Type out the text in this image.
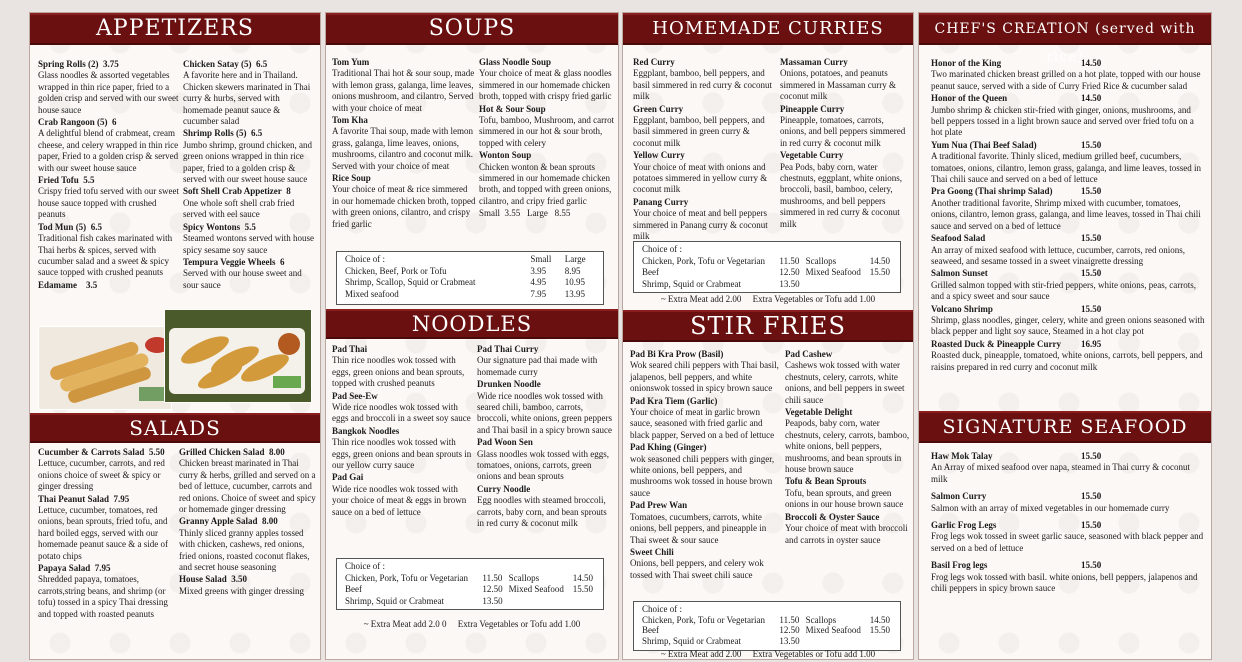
APPETIZERS
Spring Rolls (2) 3.75
Glass noodles & assorted vegetables wrapped in thin rice paper, fried to a golden crisp and served with our sweet house sauce
Crab Rangoon (5) 6
A delightful blend of crabmeat, cream cheese, and celery wrapped in thin rice paper, Fried to a golden crisp & served with our sweet house sauce
Fried Tofu 5.5
Crispy fried tofu served with our sweet house sauce topped with crushed peanuts
Tod Mun (5) 6.5
Traditional fish cakes marinated with Thai herbs & spices, served with cucumber salad and a sweet & spicy sauce topped with crushed peanuts
Edamame 3.5
Chicken Satay (5) 6.5
A favorite here and in Thailand. Chicken skewers marinated in Thai curry & hurbs, served with homemade peanut sauce & cucumber salad
Shrimp Rolls (5) 6.5
Jumbo shrimp, ground chicken, and green onions wrapped in thin rice paper, fried to a golden crisp & served with our sweet house sauce
Soft Shell Crab Appetizer 8
One whole soft shell crab fried served with eel sauce
Spicy Wontons 5.5
Steamed wontons served with house spicy sesame soy sauce
Tempura Veggie Wheels 6
Served with our house sweet and sour sauce
SALADS
Cucumber & Carrots Salad 5.50
Lettuce, cucumber, carrots, and red onions choice of sweet & spicy or ginger dressing
Thai Peanut Salad 7.95
Lettuce, cucumber, tomatoes, red onions, bean sprouts, fried tofu, and hard boiled eggs, served with our homemade peanut sauce & a side of potato chips
Papaya Salad 7.95
Shredded papaya, tomatoes, carrots,string beans, and shrimp (or tofu) tossed in a spicy Thai dressing and topped with roasted peanuts
Grilled Chicken Salad 8.00
Chicken breast marinated in Thai curry & herbs, grilled and served on a bed of lettuce, cucumber, carrots and red onions. Choice of sweet and spicy or homemade ginger dressing
Granny Apple Salad 8.00
Thinly sliced granny apples tossed with chicken, cashews, red onions, fried onions, roasted coconut flakes, and secret house seasoning
House Salad 3.50
Mixed greens with ginger dressing
SOUPS
Tom Yum
Traditional Thai hot & sour soup, made with lemon grass, galanga, lime leaves, onions mushroom, and cilantro, Served with your choice of meat
Tom Kha
A favorite Thai soup, made with lemon grass, galanga, lime leaves, onions, mushrooms, cilantro and coconut milk. Served with your choice of meat
Rice Soup
Your choice of meat & rice simmered in our homemade chicken broth, topped with green onions, cilantro, and crispy fried garlic
Glass Noodle Soup
Your choice of meat & glass noodles simmered in our homemade chicken broth, topped with crispy fried garlic
Hot & Sour Soup
Tofu, bamboo, Mushroom, and carrot simmered in our hot & sour broth, topped with celery
Wonton Soup
Chicken wonton & bean sprouts simmered in our homemade chicken broth, and topped with green onions, cilantro, and cripy fried garlic
Small  3.55   Large   8.55
Choice of :	Small	Large
Chicken, Beef, Pork or Tofu	3.95	8.95
Shrimp, Scallop, Squid or Crabmeat	4.95	10.95
Mixed seafood	7.95	13.95
NOODLES
Pad Thai
Thin rice noodles wok tossed with eggs, green onions and bean sprouts, topped with crushed peanuts
Pad See-Ew
Wide rice noodles wok tossed with eggs and broccoli in a sweet soy sauce
Bangkok Noodles
Thin rice noodles wok tossed with eggs, green onions and bean sprouts in our yellow curry sauce
Pad Gai
Wide rice noodles wok tossed with your choice of meat & eggs in brown sauce on a bed of lettuce
Pad Thai Curry
Our signature pad thai made with homemade curry
Drunken Noodle
Wide rice noodles wok tossed with seared chili, bamboo, carrots, broccoli, white onions, green peppers and Thai basil in a spicy brown sauce
Pad Woon Sen
Glass noodles wok tossed with eggs, tomatoes, onions, carrots, green onions and bean sprouts
Curry Noodle
Egg noodles with steamed broccoli, carrots, baby corn, and bean sprouts in red curry & coconut milk
Choice of :			
Chicken, Pork, Tofu or Vegetarian	11.50	Scallops	14.50
Beef	12.50	Mixed Seafood	15.50
Shrimp, Squid or Crabmeat	13.50		
~ Extra Meat add 2.0 0     Extra Vegetables or Tofu add 1.00
HOMEMADE CURRIES
Red Curry
Eggplant, bamboo, bell peppers, and basil simmered in red curry & coconut milk
Green Curry
Eggplant, bamboo, bell peppers, and basil simmered in green curry & coconut milk
Yellow Curry
Your choice of meat with onions and potatoes simmered in yellow curry & coconut milk
Panang Curry
Your choice of meat and bell peppers simmered in Panang curry & coconut milk
Massaman Curry
Onions, potatoes, and peanuts simmered in Massaman curry & coconut milk
Pineapple Curry
Pineapple, tomatoes, carrots, onions, and bell peppers simmered in red curry & coconut milk
Vegetable Curry
Pea Pods, baby corn, water chestnuts, eggplant, white onions, broccoli, basil, bamboo, celery, mushrooms, and bell peppers simmered in red curry & coconut milk
Choice of :			
Chicken, Pork, Tofu or Vegetarian	11.50	Scallops	14.50
Beef	12.50	Mixed Seafood	15.50
Shrimp, Squid or Crabmeat	13.50		
~ Extra Meat add 2.00     Extra Vegetables or Tofu add 1.00
STIR FRIES
Pad Bi Kra Prow (Basil)
Wok seared chili peppers with Thai basil, jalapenos, bell peppers, and white onionswok tossed in spicy brown sauce
Pad Kra Tiem (Garlic)
Your choice of meat in garlic brown sauce, seasoned with fried garlic and black papper, Served on a bed of lettuce
Pad Khing (Ginger)
wok seasoned chili peppers with ginger, white onions, bell peppers, and mushrooms wok tossed in house brown sauce
Pad Prew Wan
Tomatoes, cucumbers, carrots, white onions, bell peppers, and pineapple in Thai sweet & sour sauce
Sweet Chili
Onions, bell peppers, and celery wok tossed with Thai sweet chili sauce
Pad Cashew
Cashews wok tossed with water chestnuts, celery, carrots, white onions, and bell peppers in sweet chili sauce
Vegetable Delight
Peapods, baby corn, water chestnuts, celery, carrots, bamboo, white onions, bell peppers, mushrooms, and bean sprouts in house brown sauce
Tofu & Bean Sprouts
Tofu, bean sprouts, and green onions in our house brown sauce
Broccoli & Oyster Sauce
Your choice of meat with broccoli and carrots in oyster sauce
Choice of :			
Chicken, Pork, Tofu or Vegetarian	11.50	Scallops	14.50
Beef	12.50	Mixed Seafood	15.50
Shrimp, Squid or Crabmeat	13.50		
~ Extra Meat add 2.00     Extra Vegetables or Tofu add 1.00
CHEF'S CREATION (served with rice)
Honor of the King	14.50
Two marinated chicken breast grilled on a hot plate, topped with our house peanut sauce, served with a side of Curry Fried Rice & cucumber salad
Honor of the Queen	14.50
Jumbo shrimp & chicken stir-fried with ginger, onions, mushrooms, and bell peppers tossed in a light brown sauce and served over fried tofu on a hot plate
Yum Nua (Thai Beef Salad)	15.50
A traditional favorite. Thinly sliced, medium grilled beef, cucumbers, tomatoes, onions, cilantro, lemon grass, galanga, and lime leaves, tossed in Thai chili sauce and served on a bed of lettuce
Pra Goong (Thai shrimp Salad)	15.50
Another traditional favorite, Shrimp mixed with cucumber, tomatoes, onions, cilantro, lemon grass, galanga, and lime leaves, tossed in Thai chili sauce and served on a bed of lettuce
Seafood Salad	15.50
An array of mixed seafood with lettuce, cucumber, carrots, red onions, seaweed, and sesame tossed in a sweet vinaigrette dressing
Salmon Sunset	15.50
Grilled salmon topped with stir-fried peppers, white onions, peas, carrots, and a spicy sweet and sour sauce
Volcano Shrimp	15.50
Shrimp, glass noodles, ginger, celery, white and green onions seasoned with black pepper and light soy sauce, Steamed in a hot clay pot
Roasted Duck & Pineapple Curry 16.95
Roasted duck, pineapple, tomatoed, white onions, carrots, bell peppers, and raisins prepared in red curry and coconut milk
SIGNATURE SEAFOOD
Haw Mok Talay	15.50
An Array of mixed seafood over napa, steamed in Thai curry & coconut milk
Salmon Curry	15.50
Salmon with an array of mixed vegetables in our homemade curry
Garlic Frog Legs	15.50
Frog legs wok tossed in sweet garlic sauce, seasoned with black pepper and served on a bed of lettuce
Basil Frog legs	15.50
Frog legs wok tossed with basil. white onions, bell peppers, jalapenos and chili peppers in spicy brown sauce
